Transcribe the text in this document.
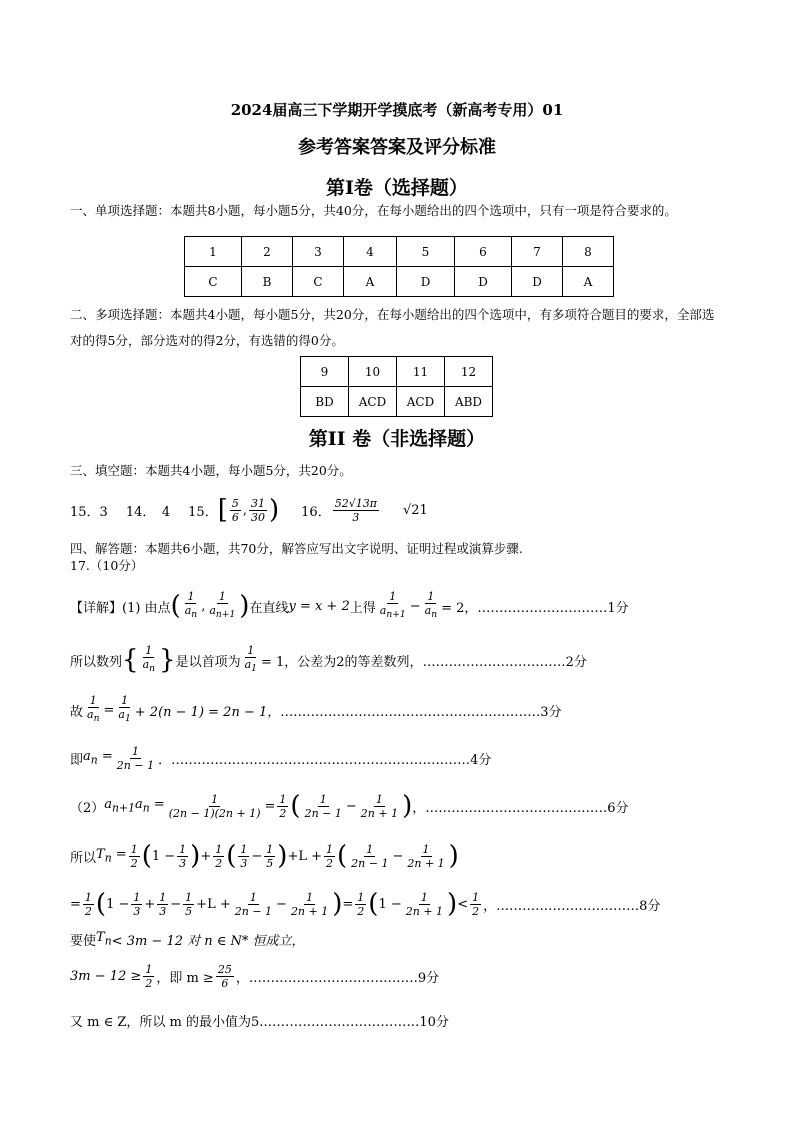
2024届高三下学期开学摸底考（新高考专用）01
参考答案答案及评分标准
第I卷（选择题）
一、单项选择题：本题共8小题，每小题5分，共40分，在每小题给出的四个选项中，只有一项是符合要求的。
1	2	3	4	5	6	7	8
C	B	C	A	D	D	D	A
二、多项选择题：本题共4小题，每小题5分，共20分，在每小题给出的四个选项中，有多项符合题目的要求，全部选对的得5分，部分选对的得2分，有选错的得0分。
9	10	11	12
BD	ACD	ACD	ABD
第II 卷（非选择题）
三、填空题：本题共4小题，每小题5分，共20分。
15．3 14．　4 15． [ $\frac{5}{6}$ , $\frac{31}{30}$ ) 16． $\frac{52√13\pi}{3} √21$
四、解答题：本题共6小题，共70分，解答应写出文字说明、证明过程或演算步骤.
17.（10分）
【详解】(1) 由点 ( $\frac{1}{a_n}$ , $\frac{1}{a_{n+1}}$ ) 在直线 y = x + 2 上得 $\frac{1}{a_{n+1}} - \frac{1}{a_n} = 2$， …………………………1分
所以数列 { $\frac{1}{a_n}$ } 是以首项为 $\frac{1}{a_1} = 1$，公差为2的等差数列， ……………………………2分
故 $\frac{1}{a_n} = \frac{1}{a_1} + 2(n - 1) = 2n - 1$， ……………………………………………………3分
即 $a_n = \frac{1}{2n - 1}$ ． ……………………………………………………………4分
（2） $a_{n+1}a_n = \frac{1}{(2n - 1)(2n + 1)} = \frac{1}{2}$ ( $\frac{1}{2n - 1} - \frac{1}{2n + 1}$ ) ， ……………………………………6分
所以 $T_n = \frac{1}{2}$ ( $1 - \frac{1}{3}$ ) + $\frac{1}{2}$ ( $\frac{1}{3} - \frac{1}{5}$ ) $+L + \frac{1}{2}$ ( $\frac{1}{2n - 1} - \frac{1}{2n + 1}$ )
= $\frac{1}{2}$ ( $1 - \frac{1}{3} + \frac{1}{3} - \frac{1}{5} +L + \frac{1}{2n - 1} - \frac{1}{2n + 1}$ ) = $\frac{1}{2}$ ( $1 - \frac{1}{2n + 1}$ ) < $\frac{1}{2}$ ， ……………………………8分
要使 $T_n < 3m - 12$ 对 n ∈ N* 恒成立，
$3m - 12 \ge \frac{1}{2}$ ，即 $m \ge \frac{25}{6}$ ， …………………………………9分
又 m ∈ Z，所以 m 的最小值为5. ………………………………10分
